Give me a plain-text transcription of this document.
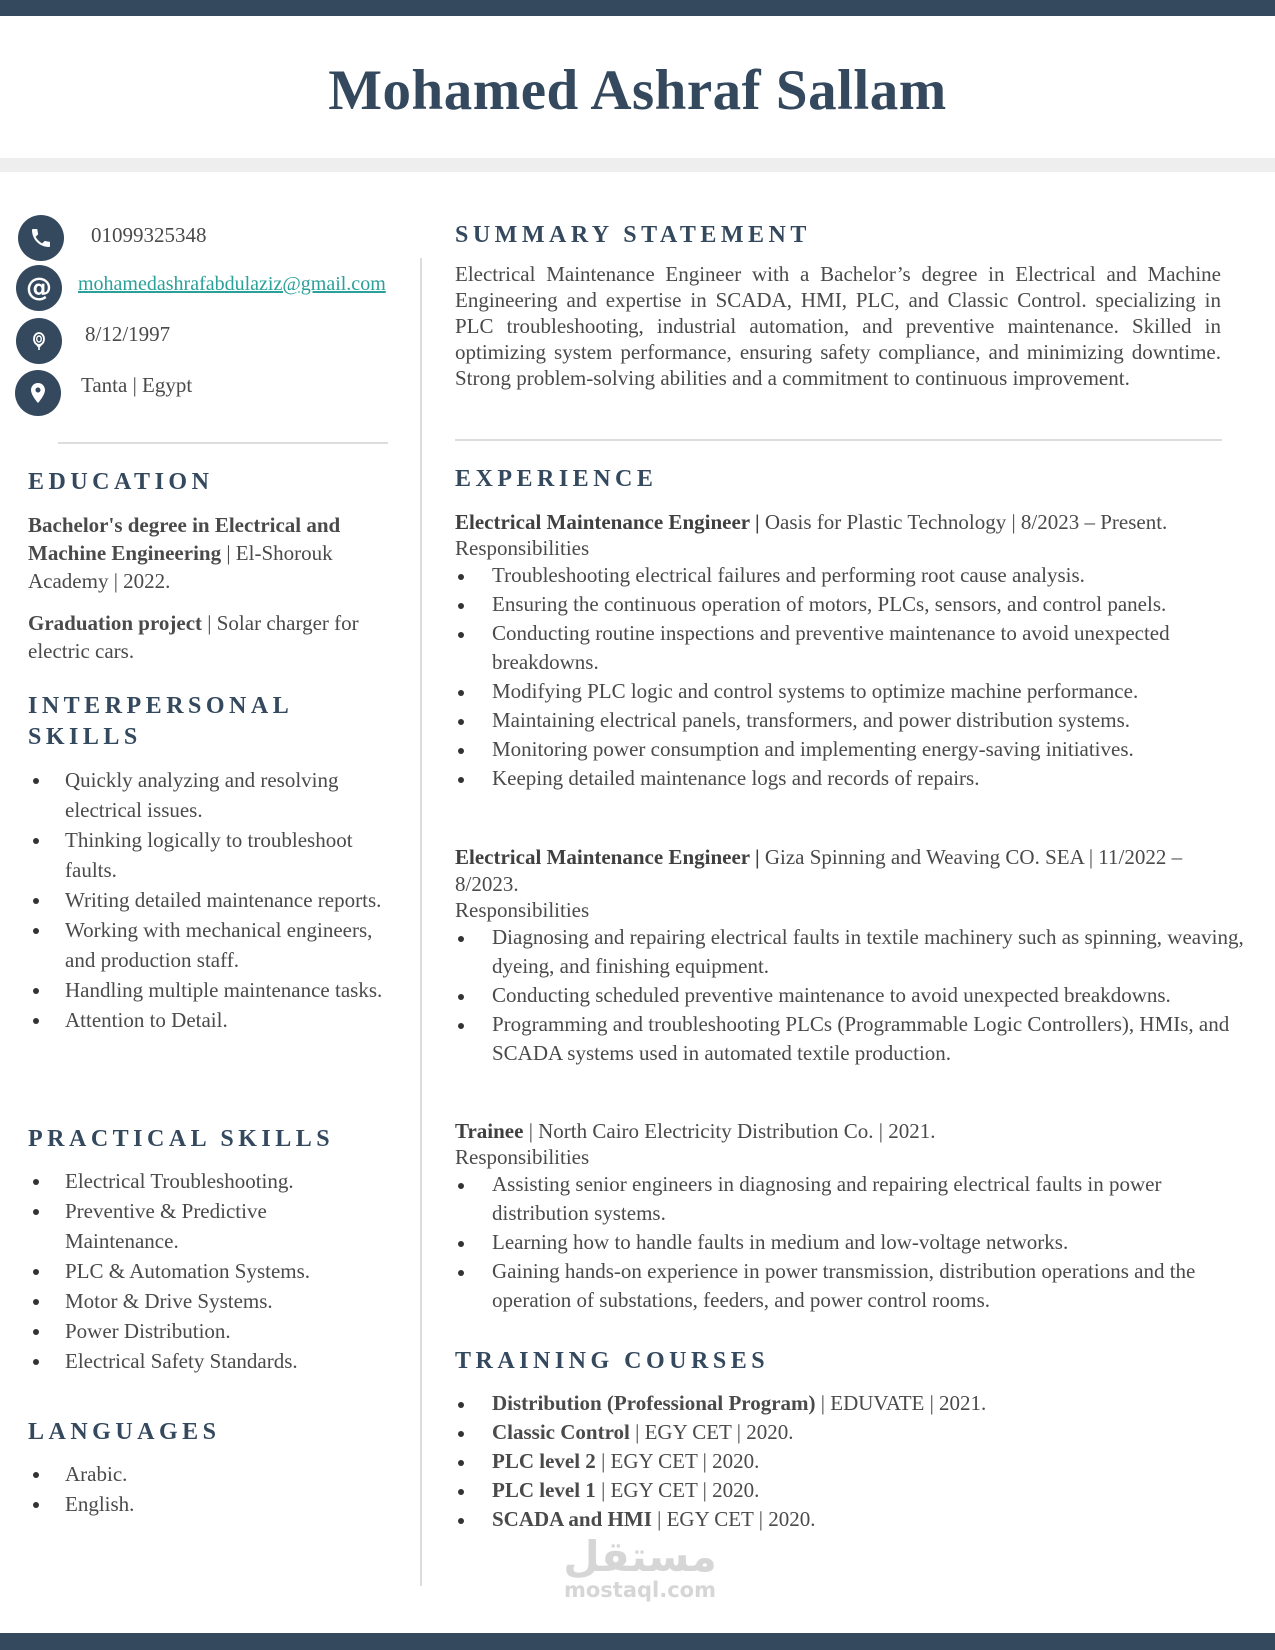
Mohamed Ashraf Sallam
01099325348
@ mohamedashrafabdulaziz@gmail.com
8/12/1997
Tanta | Egypt
EDUCATION
Bachelor's degree in Electrical and Machine Engineering | El-Shorouk Academy | 2022.
Graduation project | Solar charger for electric cars.
INTERPERSONAL
SKILLS
Quickly analyzing and resolving electrical issues.
Thinking logically to troubleshoot faults.
Writing detailed maintenance reports.
Working with mechanical engineers, and production staff.
Handling multiple maintenance tasks.
Attention to Detail.
PRACTICAL SKILLS
Electrical Troubleshooting.
Preventive & Predictive Maintenance.
PLC & Automation Systems.
Motor & Drive Systems.
Power Distribution.
Electrical Safety Standards.
LANGUAGES
Arabic.
English.
SUMMARY STATEMENT
Electrical Maintenance Engineer with a Bachelor’s degree in Electrical and Machine Engineering and expertise in SCADA, HMI, PLC, and Classic Control. specializing in PLC troubleshooting, industrial automation, and preventive maintenance. Skilled in optimizing system performance, ensuring safety compliance, and minimizing downtime. Strong problem-solving abilities and a commitment to continuous improvement.
EXPERIENCE
Electrical Maintenance Engineer | Oasis for Plastic Technology | 8/2023 – Present.
Responsibilities
Troubleshooting electrical failures and performing root cause analysis.
Ensuring the continuous operation of motors, PLCs, sensors, and control panels.
Conducting routine inspections and preventive maintenance to avoid unexpected breakdowns.
Modifying PLC logic and control systems to optimize machine performance.
Maintaining electrical panels, transformers, and power distribution systems.
Monitoring power consumption and implementing energy-saving initiatives.
Keeping detailed maintenance logs and records of repairs.
Electrical Maintenance Engineer | Giza Spinning and Weaving CO. SEA | 11/2022 – 8/2023.
Responsibilities
Diagnosing and repairing electrical faults in textile machinery such as spinning, weaving, dyeing, and finishing equipment.
Conducting scheduled preventive maintenance to avoid unexpected breakdowns.
Programming and troubleshooting PLCs (Programmable Logic Controllers), HMIs, and SCADA systems used in automated textile production.
Trainee | North Cairo Electricity Distribution Co. | 2021.
Responsibilities
Assisting senior engineers in diagnosing and repairing electrical faults in power distribution systems.
Learning how to handle faults in medium and low-voltage networks.
Gaining hands-on experience in power transmission, distribution operations and the operation of substations, feeders, and power control rooms.
TRAINING COURSES
Distribution (Professional Program) | EDUVATE | 2021.
Classic Control | EGY CET | 2020.
PLC level 2 | EGY CET | 2020.
PLC level 1 | EGY CET | 2020.
SCADA and HMI | EGY CET | 2020.
مستقل
mostaql.com
